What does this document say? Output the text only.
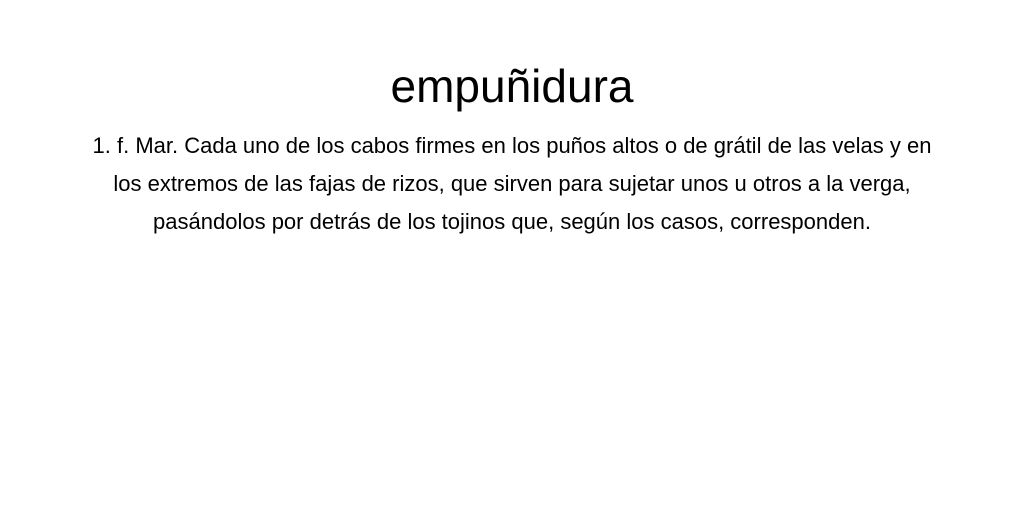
empuñidura

1. f. Mar. Cada uno de los cabos firmes en los puños altos o de grátil de las velas y en los extremos de las fajas de rizos, que sirven para sujetar unos u otros a la verga, pasándolos por detrás de los tojinos que, según los casos, corresponden.
